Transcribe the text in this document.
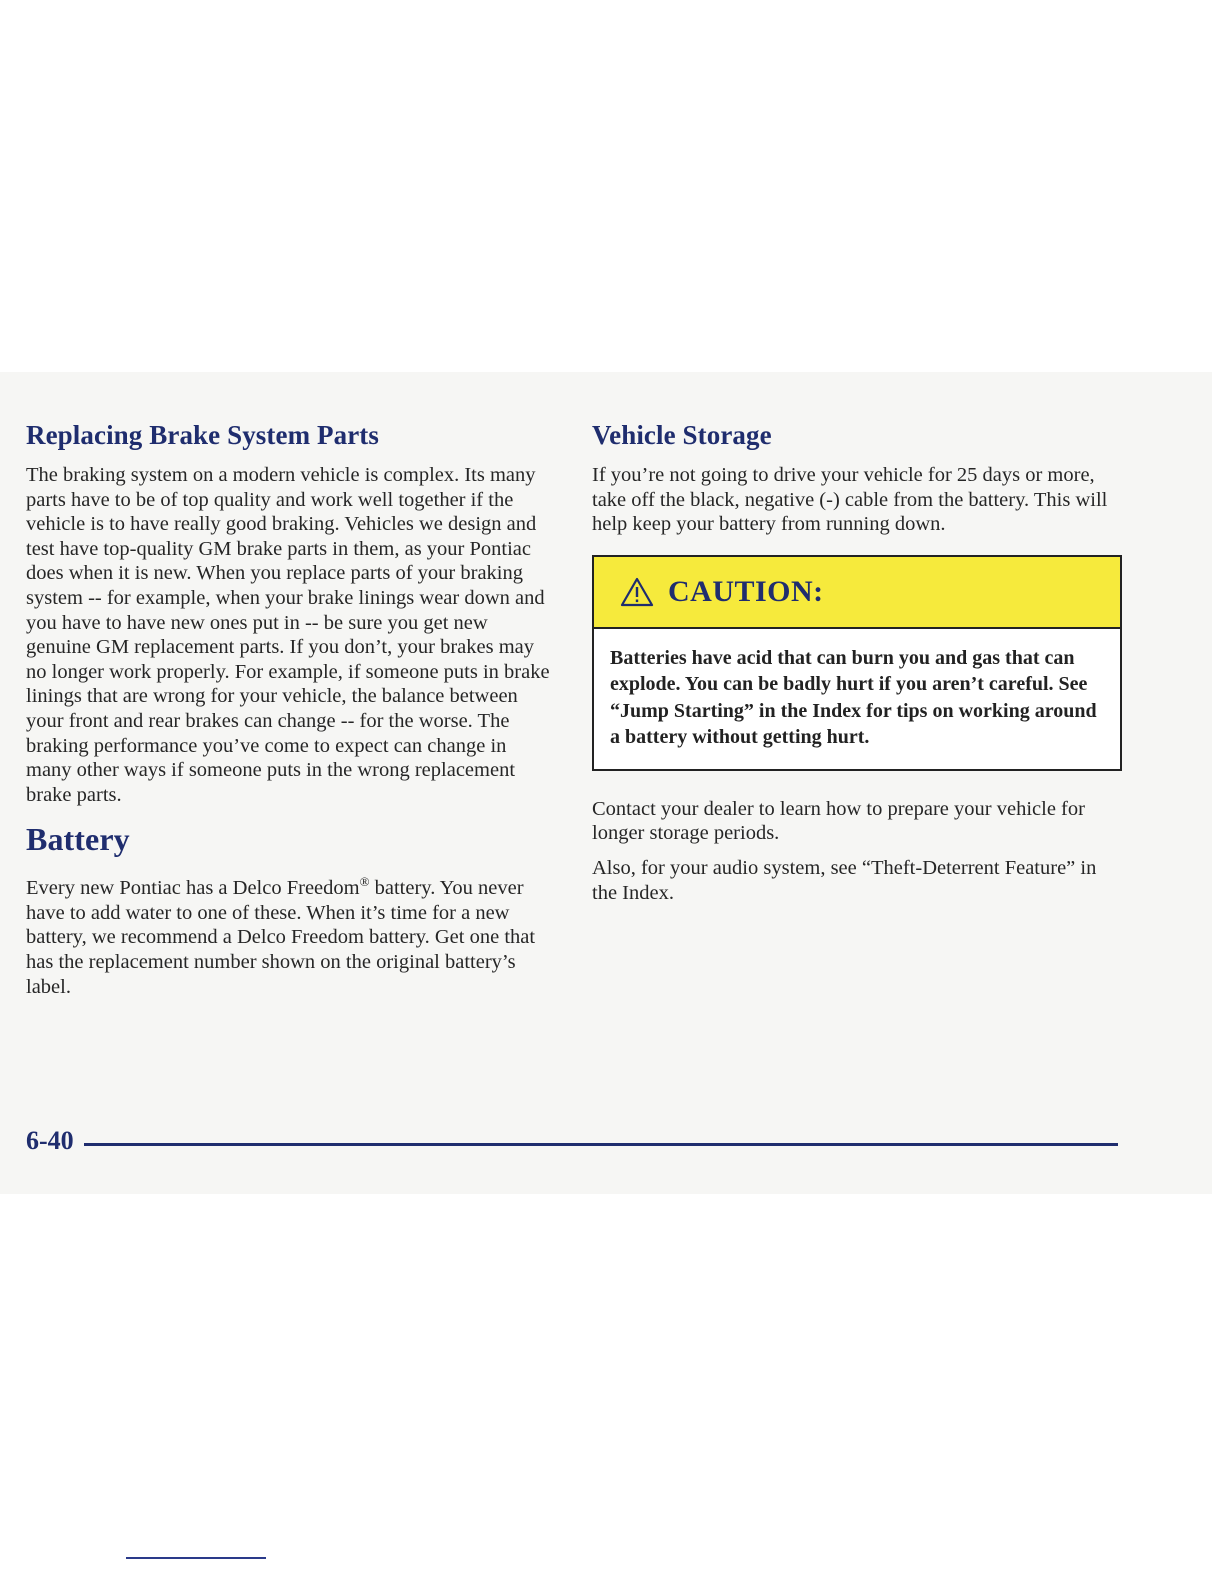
Replacing Brake System Parts

The braking system on a modern vehicle is complex. Its many parts have to be of top quality and work well together if the vehicle is to have really good braking. Vehicles we design and test have top-quality GM brake parts in them, as your Pontiac does when it is new. When you replace parts of your braking system -- for example, when your brake linings wear down and you have to have new ones put in -- be sure you get new genuine GM replacement parts. If you don’t, your brakes may no longer work properly. For example, if someone puts in brake linings that are wrong for your vehicle, the balance between your front and rear brakes can change -- for the worse. The braking performance you’ve come to expect can change in many other ways if someone puts in the wrong replacement brake parts.

Battery

Every new Pontiac has a Delco Freedom® battery. You never have to add water to one of these. When it’s time for a new battery, we recommend a Delco Freedom battery. Get one that has the replacement number shown on the original battery’s label.

Vehicle Storage

If you’re not going to drive your vehicle for 25 days or more, take off the black, negative (-) cable from the battery. This will help keep your battery from running down.

CAUTION:
Batteries have acid that can burn you and gas that can explode. You can be badly hurt if you aren’t careful. See “Jump Starting” in the Index for tips on working around a battery without getting hurt.

Contact your dealer to learn how to prepare your vehicle for longer storage periods.

Also, for your audio system, see “Theft-Deterrent Feature” in the Index.

6-40
